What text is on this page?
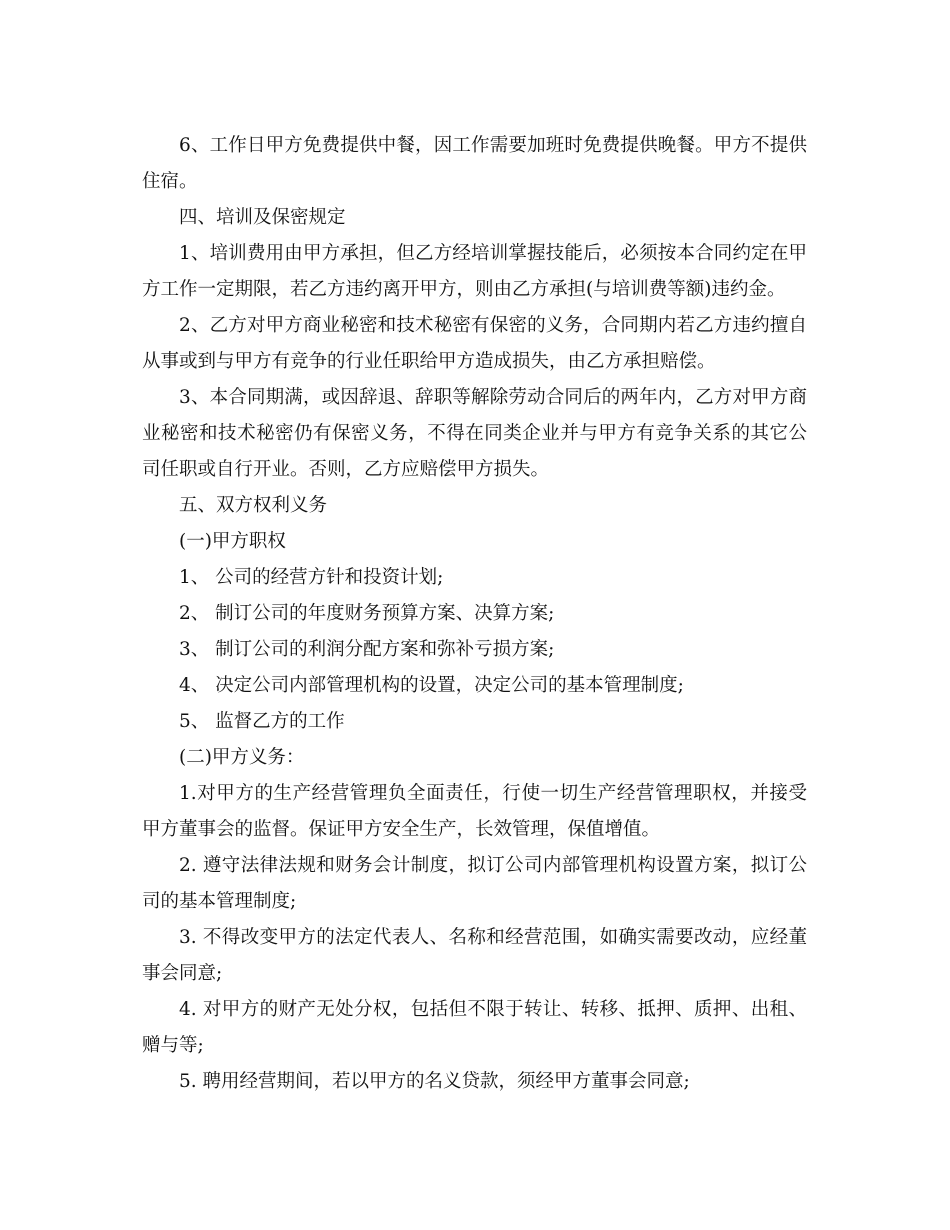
6、工作日甲方免费提供中餐，因工作需要加班时免费提供晚餐。甲方不提供住宿。

四、培训及保密规定

1、培训费用由甲方承担，但乙方经培训掌握技能后，必须按本合同约定在甲方工作一定期限，若乙方违约离开甲方，则由乙方承担(与培训费等额)违约金。

2、乙方对甲方商业秘密和技术秘密有保密的义务，合同期内若乙方违约擅自从事或到与甲方有竞争的行业任职给甲方造成损失，由乙方承担赔偿。

3、本合同期满，或因辞退、辞职等解除劳动合同后的两年内，乙方对甲方商业秘密和技术秘密仍有保密义务，不得在同类企业并与甲方有竞争关系的其它公司任职或自行开业。否则，乙方应赔偿甲方损失。

五、双方权利义务

(一)甲方职权

1、 公司的经营方针和投资计划;

2、 制订公司的年度财务预算方案、决算方案;

3、 制订公司的利润分配方案和弥补亏损方案;

4、 决定公司内部管理机构的设置，决定公司的基本管理制度;

5、 监督乙方的工作

(二)甲方义务：

1.对甲方的生产经营管理负全面责任，行使一切生产经营管理职权，并接受甲方董事会的监督。保证甲方安全生产，长效管理，保值增值。

2. 遵守法律法规和财务会计制度，拟订公司内部管理机构设置方案，拟订公司的基本管理制度;

3. 不得改变甲方的法定代表人、名称和经营范围，如确实需要改动，应经董事会同意;

4. 对甲方的财产无处分权，包括但不限于转让、转移、抵押、质押、出租、赠与等;

5. 聘用经营期间，若以甲方的名义贷款，须经甲方董事会同意;
